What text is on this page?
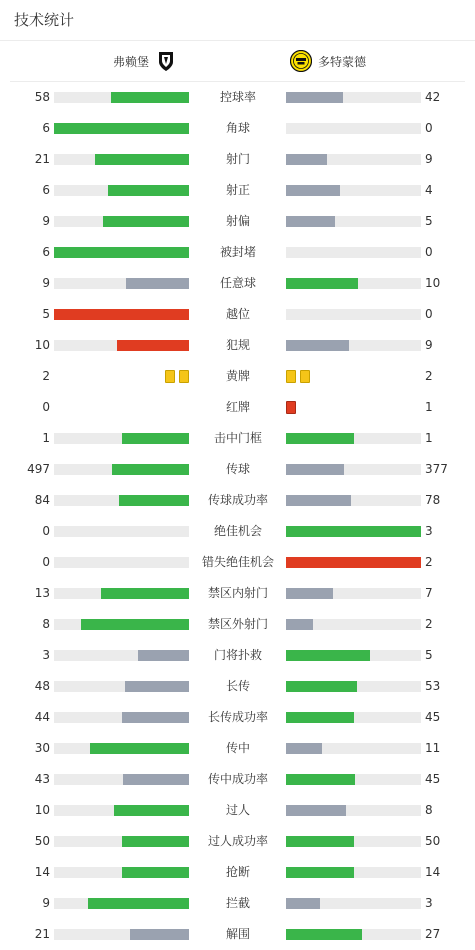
技术统计
弗赖堡	多特蒙德
58	控球率	42
6	角球	0
21	射门	9
6	射正	4
9	射偏	5
6	被封堵	0
9	任意球	10
5	越位	0
10	犯规	9
2	黄牌	2
0	红牌	1
1	击中门框	1
497	传球	377
84	传球成功率	78
0	绝佳机会	3
0	错失绝佳机会	2
13	禁区内射门	7
8	禁区外射门	2
3	门将扑救	5
48	长传	53
44	长传成功率	45
30	传中	11
43	传中成功率	45
10	过人	8
50	过人成功率	50
14	抢断	14
9	拦截	3
21	解围	27
